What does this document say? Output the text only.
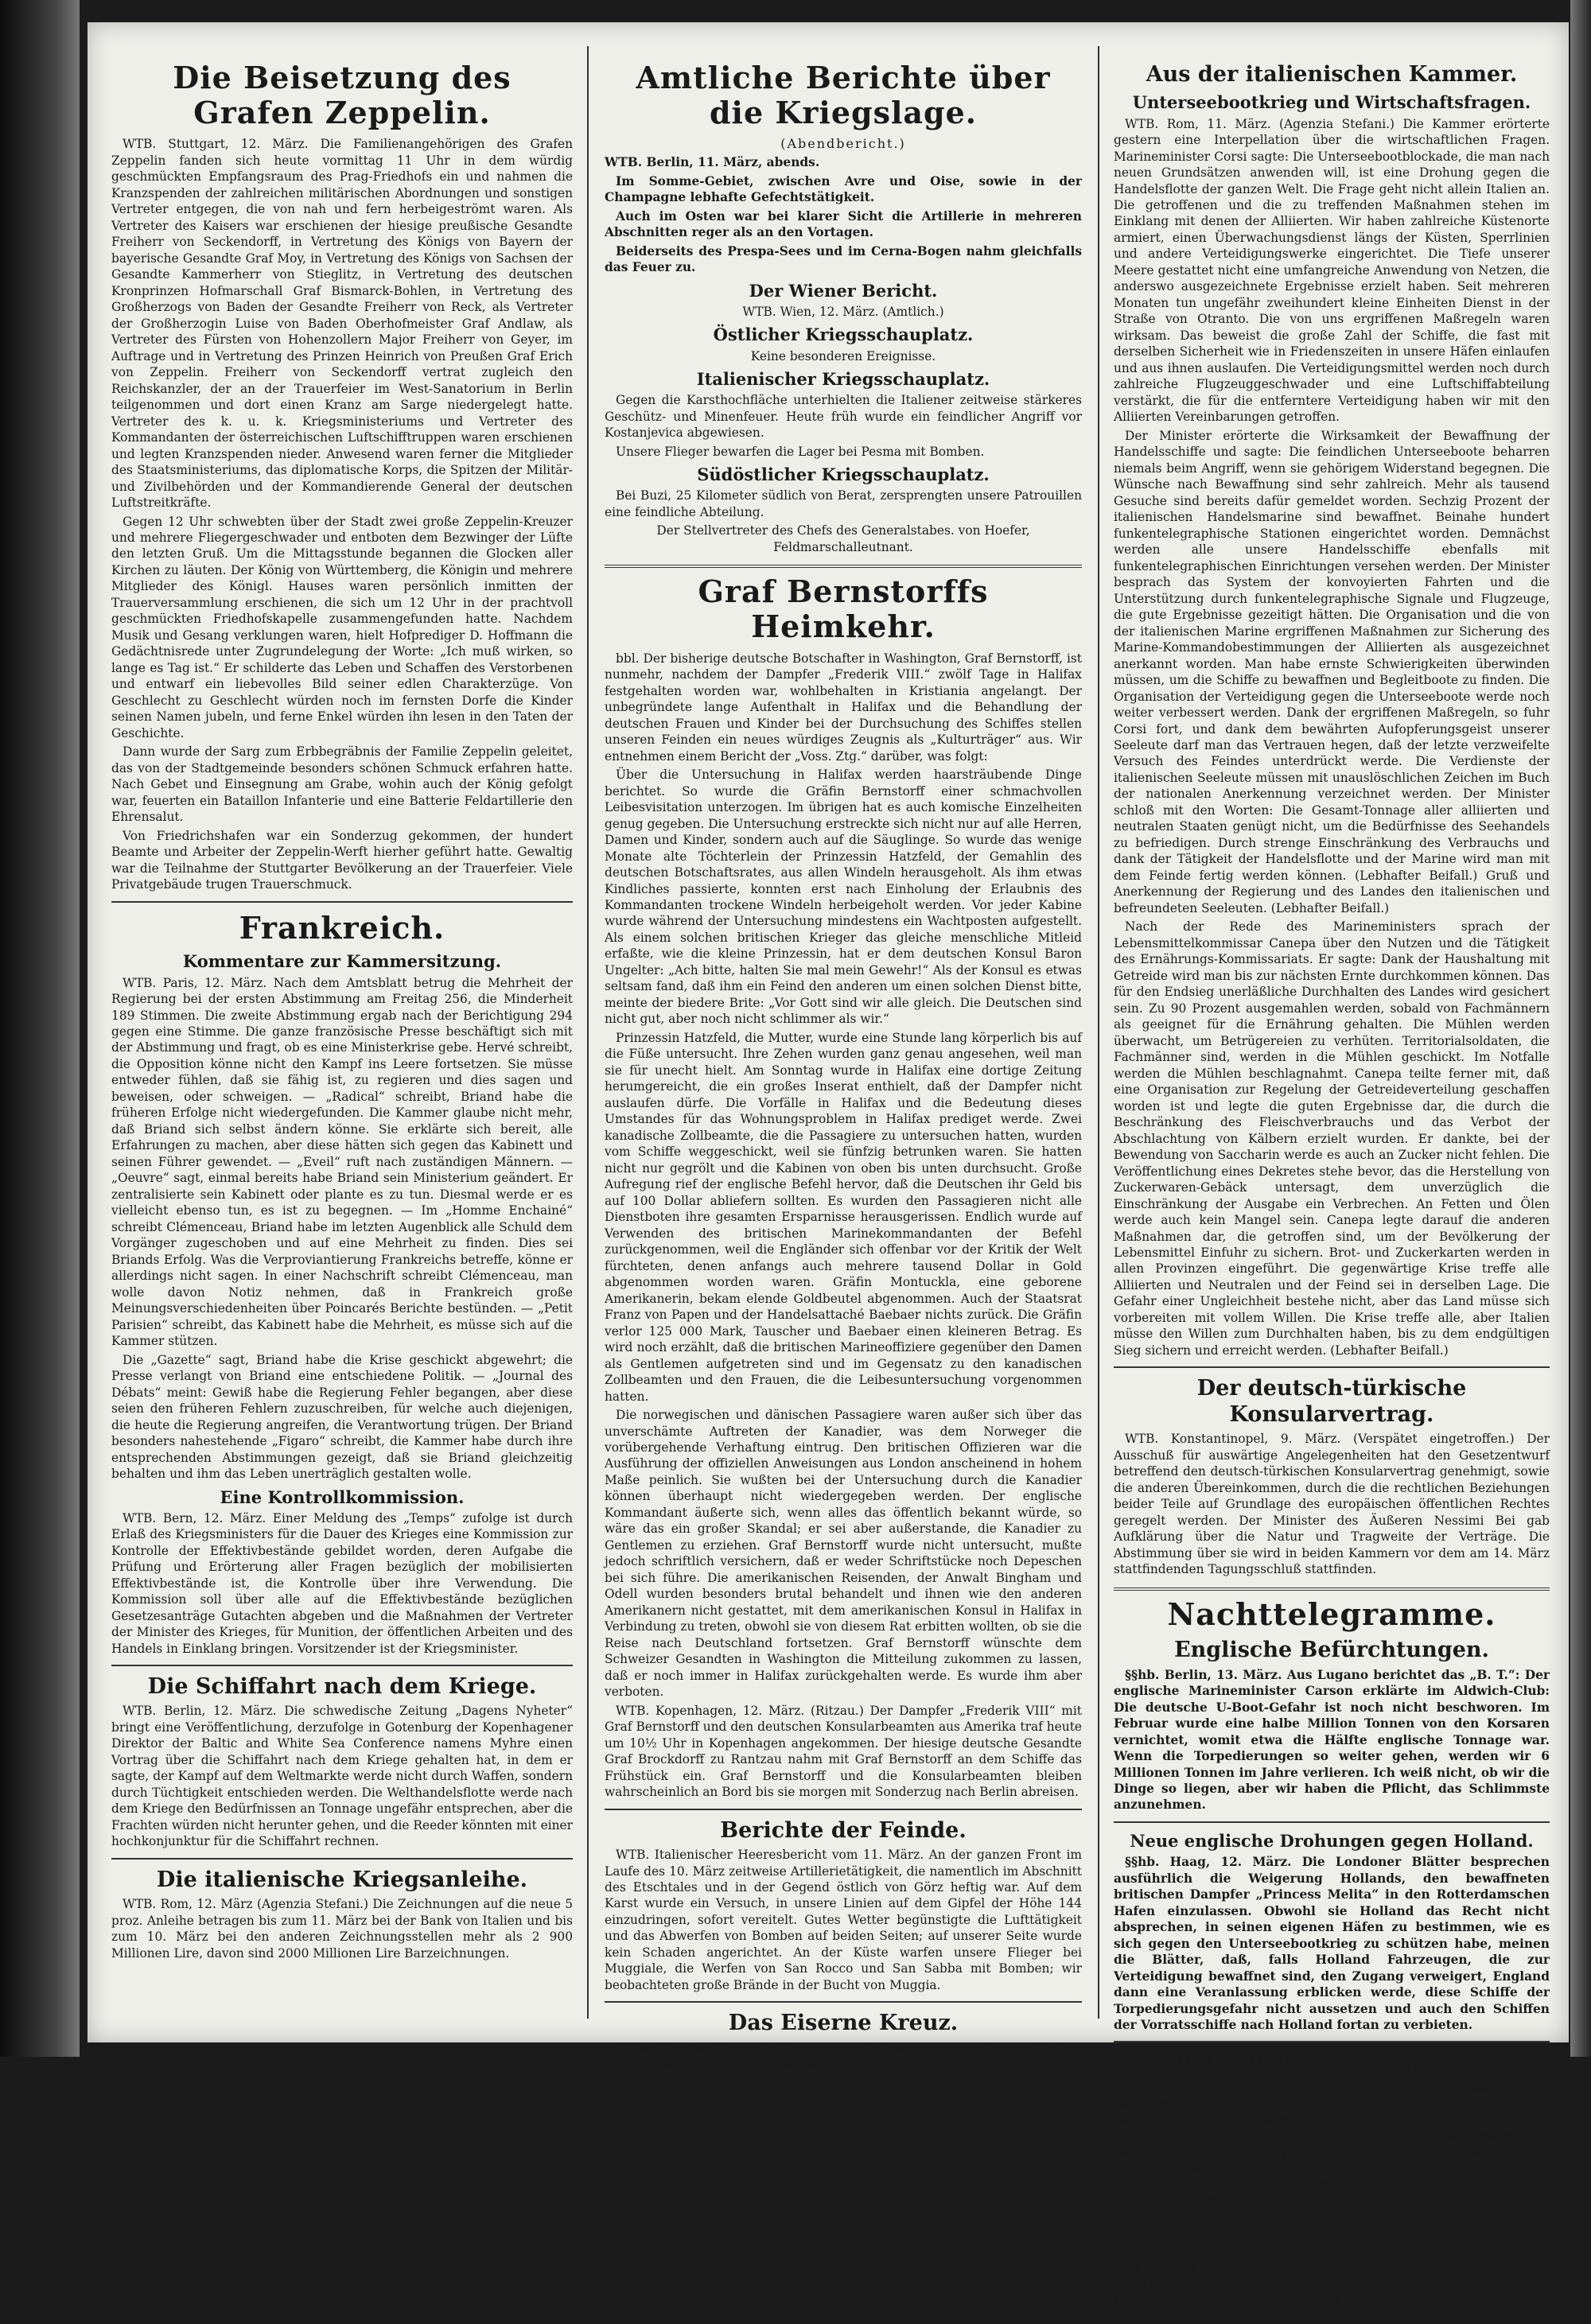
Die Beisetzung des Grafen Zeppelin.

WTB. Stuttgart, 12. März. Die Familienangehörigen des Grafen Zeppelin fanden sich heute vormittag 11 Uhr in dem würdig geschmückten Empfangsraum des Prag-Friedhofs ein und nahmen die Kranzspenden der zahlreichen militärischen Abordnungen und sonstigen Vertreter entgegen, die von nah und fern herbeigeströmt waren. Als Vertreter des Kaisers war erschienen der hiesige preußische Gesandte Freiherr von Seckendorff, in Vertretung des Königs von Bayern der bayerische Gesandte Graf Moy, in Vertretung des Königs von Sachsen der Gesandte Kammerherr von Stieglitz, in Vertretung des deutschen Kronprinzen Hofmarschall Graf Bismarck-Bohlen, in Vertretung des Großherzogs von Baden der Gesandte Freiherr von Reck, als Vertreter der Großherzogin Luise von Baden Oberhofmeister Graf Andlaw, als Vertreter des Fürsten von Hohenzollern Major Freiherr von Geyer, im Auftrage und in Vertretung des Prinzen Heinrich von Preußen Graf Erich von Zeppelin. Freiherr von Seckendorff vertrat zugleich den Reichskanzler, der an der Trauerfeier im West-Sanatorium in Berlin teilgenommen und dort einen Kranz am Sarge niedergelegt hatte. Vertreter des k. u. k. Kriegsministeriums und Vertreter des Kommandanten der österreichischen Luftschifftruppen waren erschienen und legten Kranzspenden nieder. Anwesend waren ferner die Mitglieder des Staatsministeriums, das diplomatische Korps, die Spitzen der Militär- und Zivilbehörden und der Kommandierende General der deutschen Luftstreitkräfte.

Gegen 12 Uhr schwebten über der Stadt zwei große Zeppelin-Kreuzer und mehrere Fliegergeschwader und entboten dem Bezwinger der Lüfte den letzten Gruß. Um die Mittagsstunde begannen die Glocken aller Kirchen zu läuten. Der König von Württemberg, die Königin und mehrere Mitglieder des Königl. Hauses waren persönlich inmitten der Trauerversammlung erschienen, die sich um 12 Uhr in der prachtvoll geschmückten Friedhofskapelle zusammengefunden hatte. Nachdem Musik und Gesang verklungen waren, hielt Hofprediger D. Hoffmann die Gedächtnisrede unter Zugrundelegung der Worte: „Ich muß wirken, so lange es Tag ist.“ Er schilderte das Leben und Schaffen des Verstorbenen und entwarf ein liebevolles Bild seiner edlen Charakterzüge. Von Geschlecht zu Geschlecht würden noch im fernsten Dorfe die Kinder seinen Namen jubeln, und ferne Enkel würden ihn lesen in den Taten der Geschichte.

Dann wurde der Sarg zum Erbbegräbnis der Familie Zeppelin geleitet, das von der Stadtgemeinde besonders schönen Schmuck erfahren hatte. Nach Gebet und Einsegnung am Grabe, wohin auch der König gefolgt war, feuerten ein Bataillon Infanterie und eine Batterie Feldartillerie den Ehrensalut.

Von Friedrichshafen war ein Sonderzug gekommen, der hundert Beamte und Arbeiter der Zeppelin-Werft hierher geführt hatte. Gewaltig war die Teilnahme der Stuttgarter Bevölkerung an der Trauerfeier. Viele Privatgebäude trugen Trauerschmuck.

Frankreich.
Kommentare zur Kammersitzung.

WTB. Paris, 12. März. Nach dem Amtsblatt betrug die Mehrheit der Regierung bei der ersten Abstimmung am Freitag 256, die Minderheit 189 Stimmen. Die zweite Abstimmung ergab nach der Berichtigung 294 gegen eine Stimme. Die ganze französische Presse beschäftigt sich mit der Abstimmung und fragt, ob es eine Ministerkrise gebe. Hervé schreibt, die Opposition könne nicht den Kampf ins Leere fortsetzen. Sie müsse entweder fühlen, daß sie fähig ist, zu regieren und dies sagen und beweisen, oder schweigen. — „Radical“ schreibt, Briand habe die früheren Erfolge nicht wiedergefunden. Die Kammer glaube nicht mehr, daß Briand sich selbst ändern könne. Sie erklärte sich bereit, alle Erfahrungen zu machen, aber diese hätten sich gegen das Kabinett und seinen Führer gewendet. — „Eveil“ ruft nach zuständigen Männern. — „Oeuvre“ sagt, einmal bereits habe Briand sein Ministerium geändert. Er zentralisierte sein Kabinett oder plante es zu tun. Diesmal werde er es vielleicht ebenso tun, es ist zu begegnen. — Im „Homme Enchainé“ schreibt Clémenceau, Briand habe im letzten Augenblick alle Schuld dem Vorgänger zugeschoben und auf eine Mehrheit zu finden. Dies sei Briands Erfolg. Was die Verproviantierung Frankreichs betreffe, könne er allerdings nicht sagen. In einer Nachschrift schreibt Clémenceau, man wolle davon Notiz nehmen, daß in Frankreich große Meinungsverschiedenheiten über Poincarés Berichte bestünden. — „Petit Parisien“ schreibt, das Kabinett habe die Mehrheit, es müsse sich auf die Kammer stützen.

Die „Gazette“ sagt, Briand habe die Krise geschickt abgewehrt; die Presse verlangt von Briand eine entschiedene Politik. — „Journal des Débats“ meint: Gewiß habe die Regierung Fehler begangen, aber diese seien den früheren Fehlern zuzuschreiben, für welche auch diejenigen, die heute die Regierung angreifen, die Verantwortung trügen. Der Briand besonders nahestehende „Figaro“ schreibt, die Kammer habe durch ihre entsprechenden Abstimmungen gezeigt, daß sie Briand gleichzeitig behalten und ihm das Leben unerträglich gestalten wolle.

Eine Kontrollkommission.

WTB. Bern, 12. März. Einer Meldung des „Temps“ zufolge ist durch Erlaß des Kriegsministers für die Dauer des Krieges eine Kommission zur Kontrolle der Effektivbestände gebildet worden, deren Aufgabe die Prüfung und Erörterung aller Fragen bezüglich der mobilisierten Effektivbestände ist, die Kontrolle über ihre Verwendung. Die Kommission soll über alle auf die Effektivbestände bezüglichen Gesetzesanträge Gutachten abgeben und die Maßnahmen der Vertreter der Minister des Krieges, für Munition, der öffentlichen Arbeiten und des Handels in Einklang bringen. Vorsitzender ist der Kriegsminister.

Die Schiffahrt nach dem Kriege.

WTB. Berlin, 12. März. Die schwedische Zeitung „Dagens Nyheter“ bringt eine Veröffentlichung, derzufolge in Gotenburg der Kopenhagener Direktor der Baltic and White Sea Conference namens Myhre einen Vortrag über die Schiffahrt nach dem Kriege gehalten hat, in dem er sagte, der Kampf auf dem Weltmarkte werde nicht durch Waffen, sondern durch Tüchtigkeit entschieden werden. Die Welthandelsflotte werde nach dem Kriege den Bedürfnissen an Tonnage ungefähr entsprechen, aber die Frachten würden nicht herunter gehen, und die Reeder könnten mit einer hochkonjunktur für die Schiffahrt rechnen.

Die italienische Kriegsanleihe.

WTB. Rom, 12. März (Agenzia Stefani.) Die Zeichnungen auf die neue 5 proz. Anleihe betragen bis zum 11. März bei der Bank von Italien und bis zum 10. März bei den anderen Zeichnungsstellen mehr als 2 900 Millionen Lire, davon sind 2000 Millionen Lire Barzeichnungen.

Amtliche Berichte über die Kriegslage.
(Abendbericht.)

WTB. Berlin, 11. März, abends.

Im Somme-Gebiet, zwischen Avre und Oise, sowie in der Champagne lebhafte Gefechtstätigkeit.

Auch im Osten war bei klarer Sicht die Artillerie in mehreren Abschnitten reger als an den Vortagen.

Beiderseits des Prespa-Sees und im Cerna-Bogen nahm gleichfalls das Feuer zu.

Der Wiener Bericht.

WTB. Wien, 12. März. (Amtlich.)

Östlicher Kriegsschauplatz.

Keine besonderen Ereignisse.

Italienischer Kriegsschauplatz.

Gegen die Karsthochfläche unterhielten die Italiener zeitweise stärkeres Geschütz- und Minenfeuer. Heute früh wurde ein feindlicher Angriff vor Kostanjevica abgewiesen.

Unsere Flieger bewarfen die Lager bei Pesma mit Bomben.

Südöstlicher Kriegsschauplatz.

Bei Buzi, 25 Kilometer südlich von Berat, zersprengten unsere Patrouillen eine feindliche Abteilung.

Der Stellvertreter des Chefs des Generalstabes. von Hoefer, Feldmarschalleutnant.

Graf Bernstorffs Heimkehr.

bbl. Der bisherige deutsche Botschafter in Washington, Graf Bernstorff, ist nunmehr, nachdem der Dampfer „Frederik VIII.“ zwölf Tage in Halifax festgehalten worden war, wohlbehalten in Kristiania angelangt. Der unbegründete lange Aufenthalt in Halifax und die Behandlung der deutschen Frauen und Kinder bei der Durchsuchung des Schiffes stellen unseren Feinden ein neues würdiges Zeugnis als „Kulturträger“ aus. Wir entnehmen einem Bericht der „Voss. Ztg.“ darüber, was folgt:

Über die Untersuchung in Halifax werden haarsträubende Dinge berichtet. So wurde die Gräfin Bernstorff einer schmachvollen Leibesvisitation unterzogen. Im übrigen hat es auch komische Einzelheiten genug gegeben. Die Untersuchung erstreckte sich nicht nur auf alle Herren, Damen und Kinder, sondern auch auf die Säuglinge. So wurde das wenige Monate alte Töchterlein der Prinzessin Hatzfeld, der Gemahlin des deutschen Botschaftsrates, aus allen Windeln herausgeholt. Als ihm etwas Kindliches passierte, konnten erst nach Einholung der Erlaubnis des Kommandanten trockene Windeln herbeigeholt werden. Vor jeder Kabine wurde während der Untersuchung mindestens ein Wachtposten aufgestellt. Als einem solchen britischen Krieger das gleiche menschliche Mitleid erfaßte, wie die kleine Prinzessin, hat er dem deutschen Konsul Baron Ungelter: „Ach bitte, halten Sie mal mein Gewehr!“ Als der Konsul es etwas seltsam fand, daß ihm ein Feind den anderen um einen solchen Dienst bitte, meinte der biedere Brite: „Vor Gott sind wir alle gleich. Die Deutschen sind nicht gut, aber noch nicht schlimmer als wir.“

Prinzessin Hatzfeld, die Mutter, wurde eine Stunde lang körperlich bis auf die Füße untersucht. Ihre Zehen wurden ganz genau angesehen, weil man sie für unecht hielt. Am Sonntag wurde in Halifax eine dortige Zeitung herumgereicht, die ein großes Inserat enthielt, daß der Dampfer nicht auslaufen dürfe. Die Vorfälle in Halifax und die Bedeutung dieses Umstandes für das Wohnungsproblem in Halifax prediget werde. Zwei kanadische Zollbeamte, die die Passagiere zu untersuchen hatten, wurden vom Schiffe weggeschickt, weil sie fünfzig betrunken waren. Sie hatten nicht nur gegrölt und die Kabinen von oben bis unten durchsucht. Große Aufregung rief der englische Befehl hervor, daß die Deutschen ihr Geld bis auf 100 Dollar abliefern sollten. Es wurden den Passagieren nicht alle Dienstboten ihre gesamten Ersparnisse herausgerissen. Endlich wurde auf Verwenden des britischen Marinekommandanten der Befehl zurückgenommen, weil die Engländer sich offenbar vor der Kritik der Welt fürchteten, denen anfangs auch mehrere tausend Dollar in Gold abgenommen worden waren. Gräfin Montuckla, eine geborene Amerikanerin, bekam elende Goldbeutel abgenommen. Auch der Staatsrat Franz von Papen und der Handelsattaché Baebaer nichts zurück. Die Gräfin verlor 125 000 Mark, Tauscher und Baebaer einen kleineren Betrag. Es wird noch erzählt, daß die britischen Marineoffiziere gegenüber den Damen als Gentlemen aufgetreten sind und im Gegensatz zu den kanadischen Zollbeamten und den Frauen, die die Leibesuntersuchung vorgenommen hatten.

Die norwegischen und dänischen Passagiere waren außer sich über das unverschämte Auftreten der Kanadier, was dem Norweger die vorübergehende Verhaftung eintrug. Den britischen Offizieren war die Ausführung der offiziellen Anweisungen aus London anscheinend in hohem Maße peinlich. Sie wußten bei der Untersuchung durch die Kanadier können überhaupt nicht wiedergegeben werden. Der englische Kommandant äußerte sich, wenn alles das öffentlich bekannt würde, so wäre das ein großer Skandal; er sei aber außerstande, die Kanadier zu Gentlemen zu erziehen. Graf Bernstorff wurde nicht untersucht, mußte jedoch schriftlich versichern, daß er weder Schriftstücke noch Depeschen bei sich führe. Die amerikanischen Reisenden, der Anwalt Bingham und Odell wurden besonders brutal behandelt und ihnen wie den anderen Amerikanern nicht gestattet, mit dem amerikanischen Konsul in Halifax in Verbindung zu treten, obwohl sie von diesem Rat erbitten wollten, ob sie die Reise nach Deutschland fortsetzen. Graf Bernstorff wünschte dem Schweizer Gesandten in Washington die Mitteilung zukommen zu lassen, daß er noch immer in Halifax zurückgehalten werde. Es wurde ihm aber verboten.

WTB. Kopenhagen, 12. März. (Ritzau.) Der Dampfer „Frederik VIII“ mit Graf Bernstorff und den deutschen Konsularbeamten aus Amerika traf heute um 10½ Uhr in Kopenhagen angekommen. Der hiesige deutsche Gesandte Graf Brockdorff zu Rantzau nahm mit Graf Bernstorff an dem Schiffe das Frühstück ein. Graf Bernstorff und die Konsularbeamten bleiben wahrscheinlich an Bord bis sie morgen mit Sonderzug nach Berlin abreisen.

Berichte der Feinde.

WTB. Italienischer Heeresbericht vom 11. März. An der ganzen Front im Laufe des 10. März zeitweise Artillerietätigkeit, die namentlich im Abschnitt des Etschtales und in der Gegend östlich von Görz heftig war. Auf dem Karst wurde ein Versuch, in unsere Linien auf dem Gipfel der Höhe 144 einzudringen, sofort vereitelt. Gutes Wetter begünstigte die Lufttätigkeit und das Abwerfen von Bomben auf beiden Seiten; auf unserer Seite wurde kein Schaden angerichtet. An der Küste warfen unsere Flieger bei Muggiale, die Werfen von San Rocco und San Sabba mit Bomben; wir beobachteten große Brände in der Bucht von Muggia.

Das Eiserne Kreuz.

* Das Eiserne Kreuz 2. Klasse erhielt: Fahnenjunker Unteroff. Carl Klinke, Sohn des Rektors Klinke in Breslau.

Aus der italienischen Kammer.
Unterseebootkrieg und Wirtschaftsfragen.

WTB. Rom, 11. März. (Agenzia Stefani.) Die Kammer erörterte gestern eine Interpellation über die wirtschaftlichen Fragen. Marineminister Corsi sagte: Die Unterseebootblockade, die man nach neuen Grundsätzen anwenden will, ist eine Drohung gegen die Handelsflotte der ganzen Welt. Die Frage geht nicht allein Italien an. Die getroffenen und die zu treffenden Maßnahmen stehen im Einklang mit denen der Alliierten. Wir haben zahlreiche Küstenorte armiert, einen Überwachungsdienst längs der Küsten, Sperrlinien und andere Verteidigungswerke eingerichtet. Die Tiefe unserer Meere gestattet nicht eine umfangreiche Anwendung von Netzen, die anderswo ausgezeichnete Ergebnisse erzielt haben. Seit mehreren Monaten tun ungefähr zweihundert kleine Einheiten Dienst in der Straße von Otranto. Die von uns ergriffenen Maßregeln waren wirksam. Das beweist die große Zahl der Schiffe, die fast mit derselben Sicherheit wie in Friedenszeiten in unsere Häfen einlaufen und aus ihnen auslaufen. Die Verteidigungsmittel werden noch durch zahlreiche Flugzeuggeschwader und eine Luftschiffabteilung verstärkt, die für die entferntere Verteidigung haben wir mit den Alliierten Vereinbarungen getroffen.

Der Minister erörterte die Wirksamkeit der Bewaffnung der Handelsschiffe und sagte: Die feindlichen Unterseeboote beharren niemals beim Angriff, wenn sie gehörigem Widerstand begegnen. Die Wünsche nach Bewaffnung sind sehr zahlreich. Mehr als tausend Gesuche sind bereits dafür gemeldet worden. Sechzig Prozent der italienischen Handelsmarine sind bewaffnet. Beinahe hundert funkentelegraphische Stationen eingerichtet worden. Demnächst werden alle unsere Handelsschiffe ebenfalls mit funkentelegraphischen Einrichtungen versehen werden. Der Minister besprach das System der konvoyierten Fahrten und die Unterstützung durch funkentelegraphische Signale und Flugzeuge, die gute Ergebnisse gezeitigt hätten. Die Organisation und die von der italienischen Marine ergriffenen Maßnahmen zur Sicherung des Marine-Kommandobestimmungen der Alliierten als ausgezeichnet anerkannt worden. Man habe ernste Schwierigkeiten überwinden müssen, um die Schiffe zu bewaffnen und Begleitboote zu finden. Die Organisation der Verteidigung gegen die Unterseeboote werde noch weiter verbessert werden. Dank der ergriffenen Maßregeln, so fuhr Corsi fort, und dank dem bewährten Aufopferungsgeist unserer Seeleute darf man das Vertrauen hegen, daß der letzte verzweifelte Versuch des Feindes unterdrückt werde. Die Verdienste der italienischen Seeleute müssen mit unauslöschlichen Zeichen im Buch der nationalen Anerkennung verzeichnet werden. Der Minister schloß mit den Worten: Die Gesamt-Tonnage aller alliierten und neutralen Staaten genügt nicht, um die Bedürfnisse des Seehandels zu befriedigen. Durch strenge Einschränkung des Verbrauchs und dank der Tätigkeit der Handelsflotte und der Marine wird man mit dem Feinde fertig werden können. (Lebhafter Beifall.) Gruß und Anerkennung der Regierung und des Landes den italienischen und befreundeten Seeleuten. (Lebhafter Beifall.)

Nach der Rede des Marineministers sprach der Lebensmittelkommissar Canepa über den Nutzen und die Tätigkeit des Ernährungs-Kommissariats. Er sagte: Dank der Haushaltung mit Getreide wird man bis zur nächsten Ernte durchkommen können. Das für den Endsieg unerläßliche Durchhalten des Landes wird gesichert sein. Zu 90 Prozent ausgemahlen werden, sobald von Fachmännern als geeignet für die Ernährung gehalten. Die Mühlen werden überwacht, um Betrügereien zu verhüten. Territorialsoldaten, die Fachmänner sind, werden in die Mühlen geschickt. Im Notfalle werden die Mühlen beschlagnahmt. Canepa teilte ferner mit, daß eine Organisation zur Regelung der Getreideverteilung geschaffen worden ist und legte die guten Ergebnisse dar, die durch die Beschränkung des Fleischverbrauchs und das Verbot der Abschlachtung von Kälbern erzielt wurden. Er dankte, bei der Bewendung von Saccharin werde es auch an Zucker nicht fehlen. Die Veröffentlichung eines Dekretes stehe bevor, das die Herstellung von Zuckerwaren-Gebäck untersagt, dem unverzüglich die Einschränkung der Ausgabe ein Verbrechen. An Fetten und Ölen werde auch kein Mangel sein. Canepa legte darauf die anderen Maßnahmen dar, die getroffen sind, um der Bevölkerung der Lebensmittel Einfuhr zu sichern. Brot- und Zuckerkarten werden in allen Provinzen eingeführt. Die gegenwärtige Krise treffe alle Alliierten und Neutralen und der Feind sei in derselben Lage. Die Gefahr einer Ungleichheit bestehe nicht, aber das Land müsse sich vorbereiten mit vollem Willen. Die Krise treffe alle, aber Italien müsse den Willen zum Durchhalten haben, bis zu dem endgültigen Sieg sichern und erreicht werden. (Lebhafter Beifall.)

Der deutsch-türkische Konsularvertrag.

WTB. Konstantinopel, 9. März. (Verspätet eingetroffen.) Der Ausschuß für auswärtige Angelegenheiten hat den Gesetzentwurf betreffend den deutsch-türkischen Konsularvertrag genehmigt, sowie die anderen Übereinkommen, durch die die rechtlichen Beziehungen beider Teile auf Grundlage des europäischen öffentlichen Rechtes geregelt werden. Der Minister des Äußeren Nessimi Bei gab Aufklärung über die Natur und Tragweite der Verträge. Die Abstimmung über sie wird in beiden Kammern vor dem am 14. März stattfindenden Tagungsschluß stattfinden.

Nachttelegramme.
Englische Befürchtungen.

§§hb. Berlin, 13. März. Aus Lugano berichtet das „B. T.“: Der englische Marineminister Carson erklärte im Aldwich-Club: Die deutsche U-Boot-Gefahr ist noch nicht beschworen. Im Februar wurde eine halbe Million Tonnen von den Korsaren vernichtet, womit etwa die Hälfte englische Tonnage war. Wenn die Torpedierungen so weiter gehen, werden wir 6 Millionen Tonnen im Jahre verlieren. Ich weiß nicht, ob wir die Dinge so liegen, aber wir haben die Pflicht, das Schlimmste anzunehmen.

Neue englische Drohungen gegen Holland.

§§hb. Haag, 12. März. Die Londoner Blätter besprechen ausführlich die Weigerung Hollands, den bewaffneten britischen Dampfer „Princess Melita“ in den Rotterdamschen Hafen einzulassen. Obwohl sie Holland das Recht nicht absprechen, in seinen eigenen Häfen zu bestimmen, wie es sich gegen den Unterseebootkrieg zu schützen habe, meinen die Blätter, daß, falls Holland Fahrzeugen, die zur Verteidigung bewaffnet sind, den Zugang verweigert, England dann eine Veranlassung erblicken werde, diese Schiffe der Torpedierungsgefahr nicht aussetzen und auch den Schiffen der Vorratsschiffe nach Holland fortan zu verbieten.

Bleibt Briand oder geht er?

§§hb. Berlin, 12. März. Ob das Ministerium Briand bleibt oder geht, wird sich nach einer Genfer Meldung der „Berl. Morgenpost“ voraussichtlich schon Dienstag zeigen. Ein Antrag auf Vertrauensvotum ist eingebracht. Man erwartet in der Sitzung eine Interpellation über die Regierungspolitik einzubringen, um Kammerparteien Gelegenheit zu einer nochmaligen endgültigen Kraftprobe zu geben. Die Opposition rechnet mit Briands Sturz. Es sprechen aus der Presse oft nicht nur die Hoffnung, und aus den Artikeln der Briandschen Blätter hört man die helle Angst heraus. Allem Anschein nach erwartet man die Opposition, daß Poincaré bei Briand bleibt und ihn von einem Rücktritt abhält. Die nächsten Tage werden die Lage klären, ob er nicht mehr zu halten sei und ob die Lage sich verändern. Freilich ist die Lage viel verwickelter als es der ersten Blick erscheinen.
